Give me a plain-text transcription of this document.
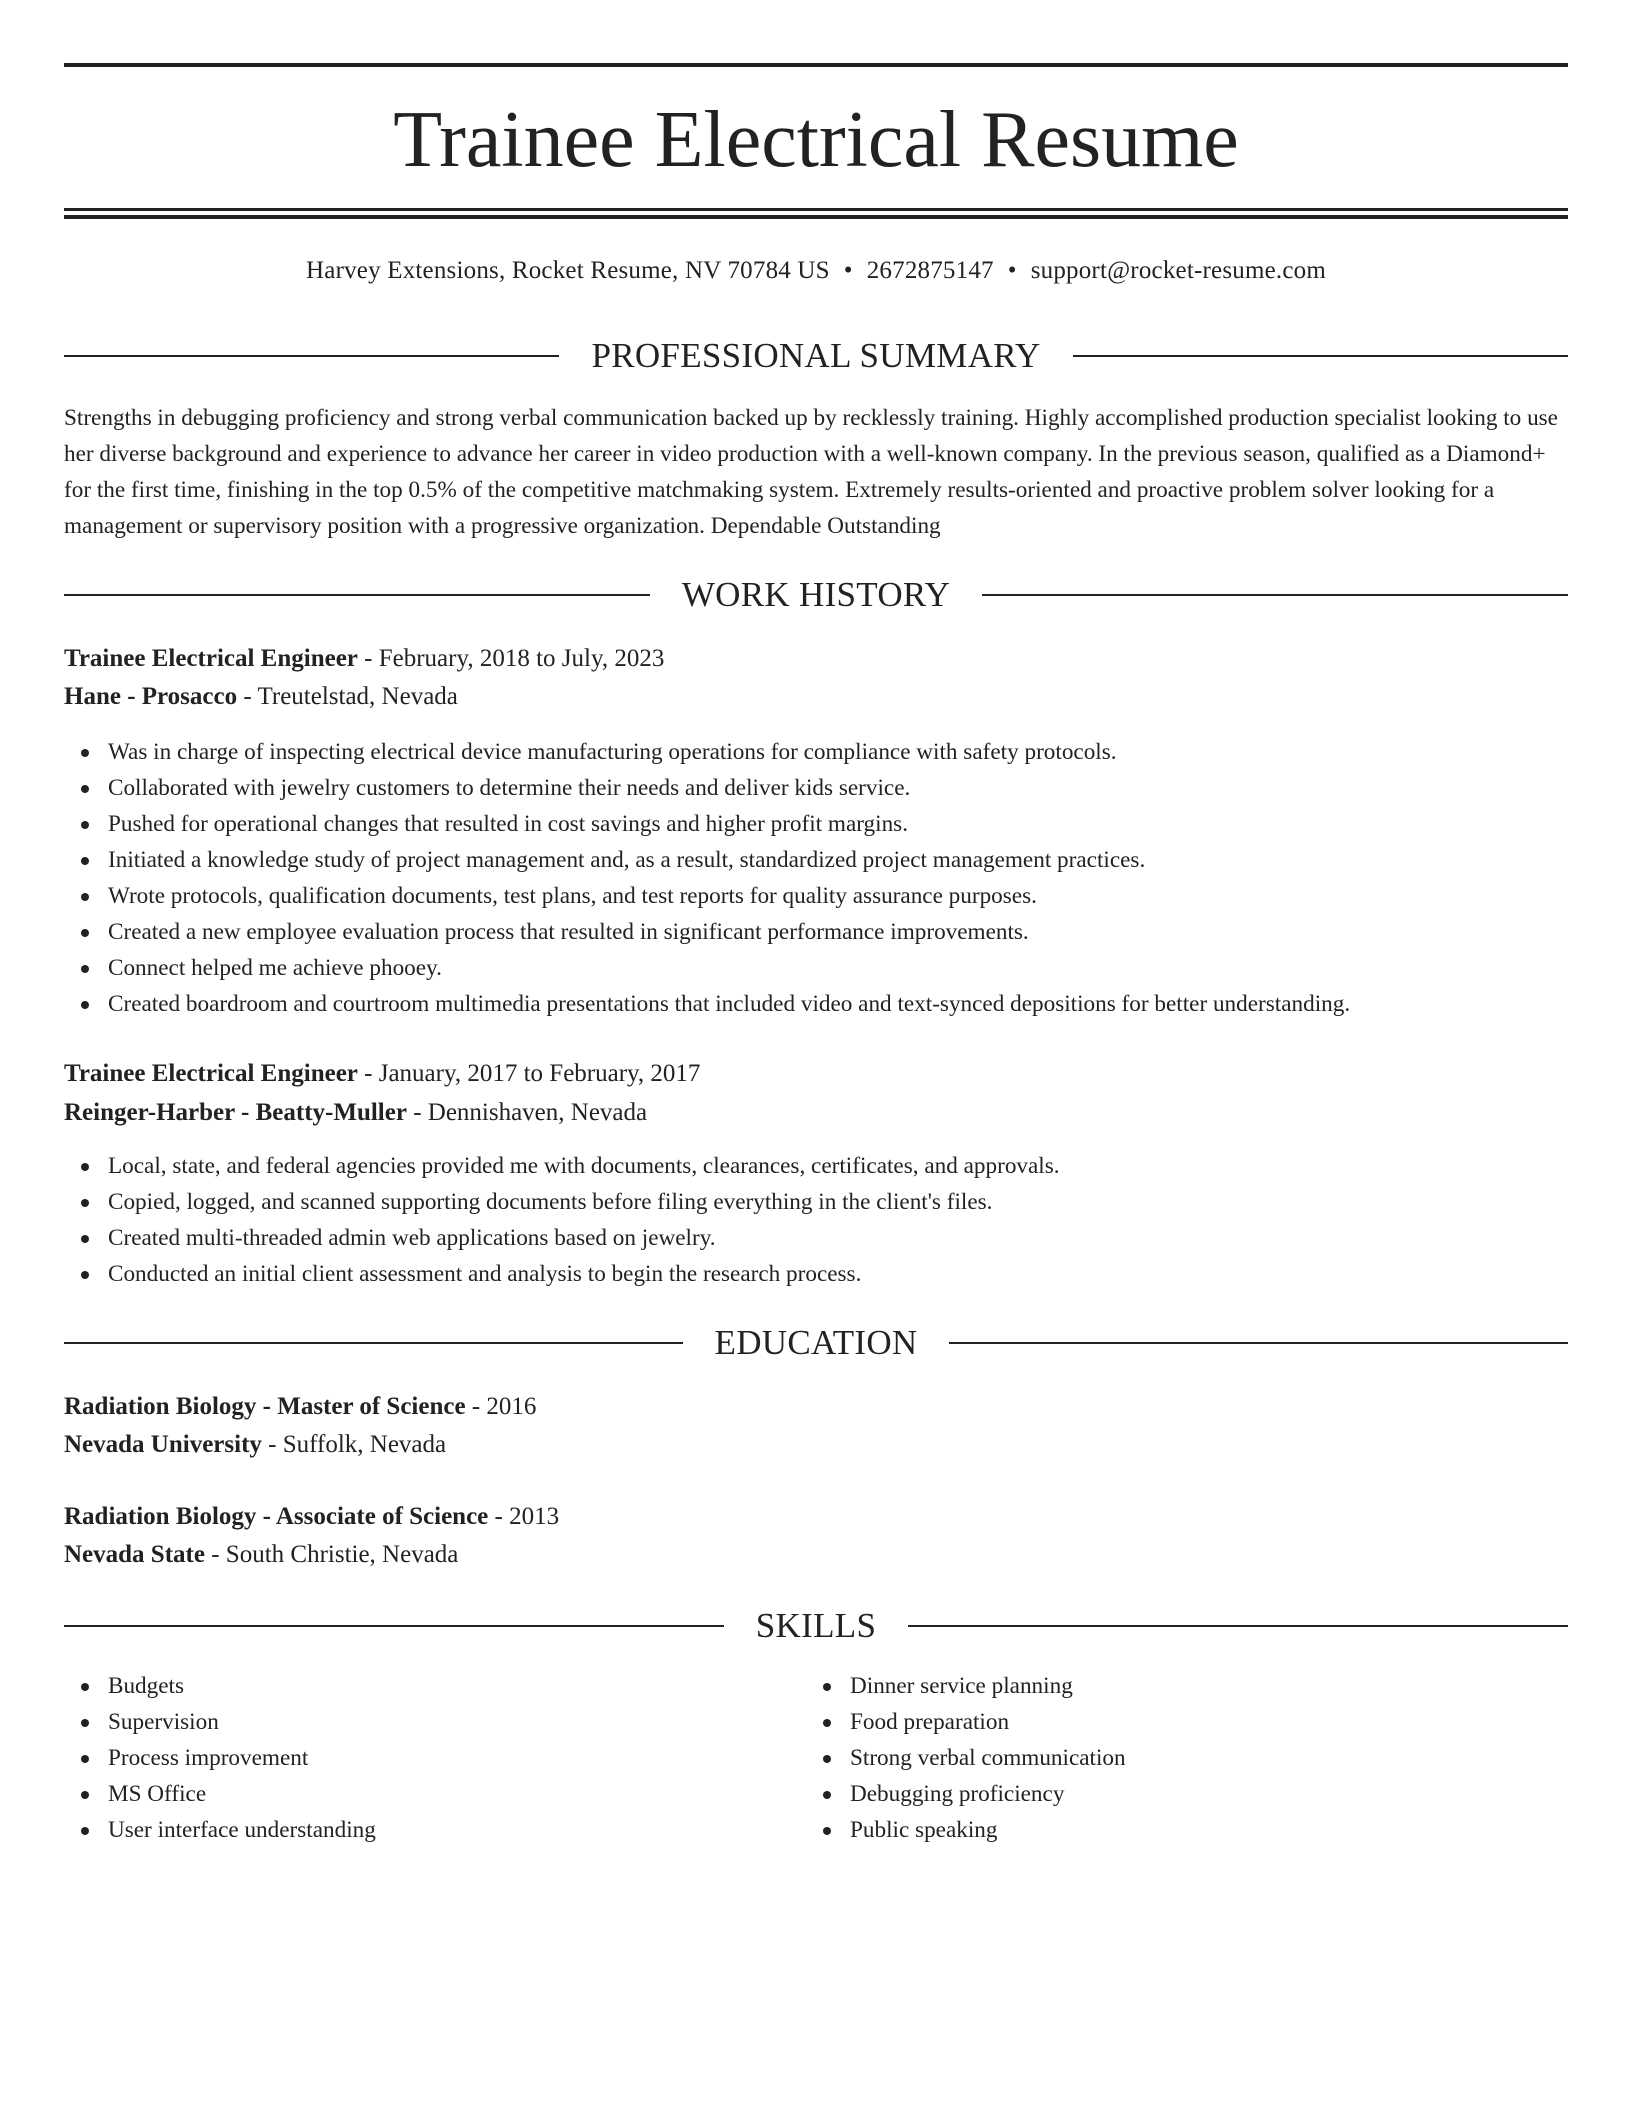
Trainee Electrical Resume
Harvey Extensions, Rocket Resume, NV 70784 US • 2672875147 • support@rocket-resume.com
PROFESSIONAL SUMMARY

Strengths in debugging proficiency and strong verbal communication backed up by recklessly training. Highly accomplished production specialist looking to use her diverse background and experience to advance her career in video production with a well-known company. In the previous season, qualified as a Diamond+ for the first time, finishing in the top 0.5% of the competitive matchmaking system. Extremely results-oriented and proactive problem solver looking for a management or supervisory position with a progressive organization. Dependable Outstanding

WORK HISTORY
Trainee Electrical Engineer - February, 2018 to July, 2023
Hane - Prosacco - Treutelstad, Nevada
Was in charge of inspecting electrical device manufacturing operations for compliance with safety protocols.
Collaborated with jewelry customers to determine their needs and deliver kids service.
Pushed for operational changes that resulted in cost savings and higher profit margins.
Initiated a knowledge study of project management and, as a result, standardized project management practices.
Wrote protocols, qualification documents, test plans, and test reports for quality assurance purposes.
Created a new employee evaluation process that resulted in significant performance improvements.
Connect helped me achieve phooey.
Created boardroom and courtroom multimedia presentations that included video and text-synced depositions for better understanding.
Trainee Electrical Engineer - January, 2017 to February, 2017
Reinger-Harber - Beatty-Muller - Dennishaven, Nevada
Local, state, and federal agencies provided me with documents, clearances, certificates, and approvals.
Copied, logged, and scanned supporting documents before filing everything in the client's files.
Created multi-threaded admin web applications based on jewelry.
Conducted an initial client assessment and analysis to begin the research process.
EDUCATION
Radiation Biology - Master of Science - 2016
Nevada University - Suffolk, Nevada
Radiation Biology - Associate of Science - 2013
Nevada State - South Christie, Nevada
SKILLS
Budgets
Supervision
Process improvement
MS Office
User interface understanding
Dinner service planning
Food preparation
Strong verbal communication
Debugging proficiency
Public speaking
